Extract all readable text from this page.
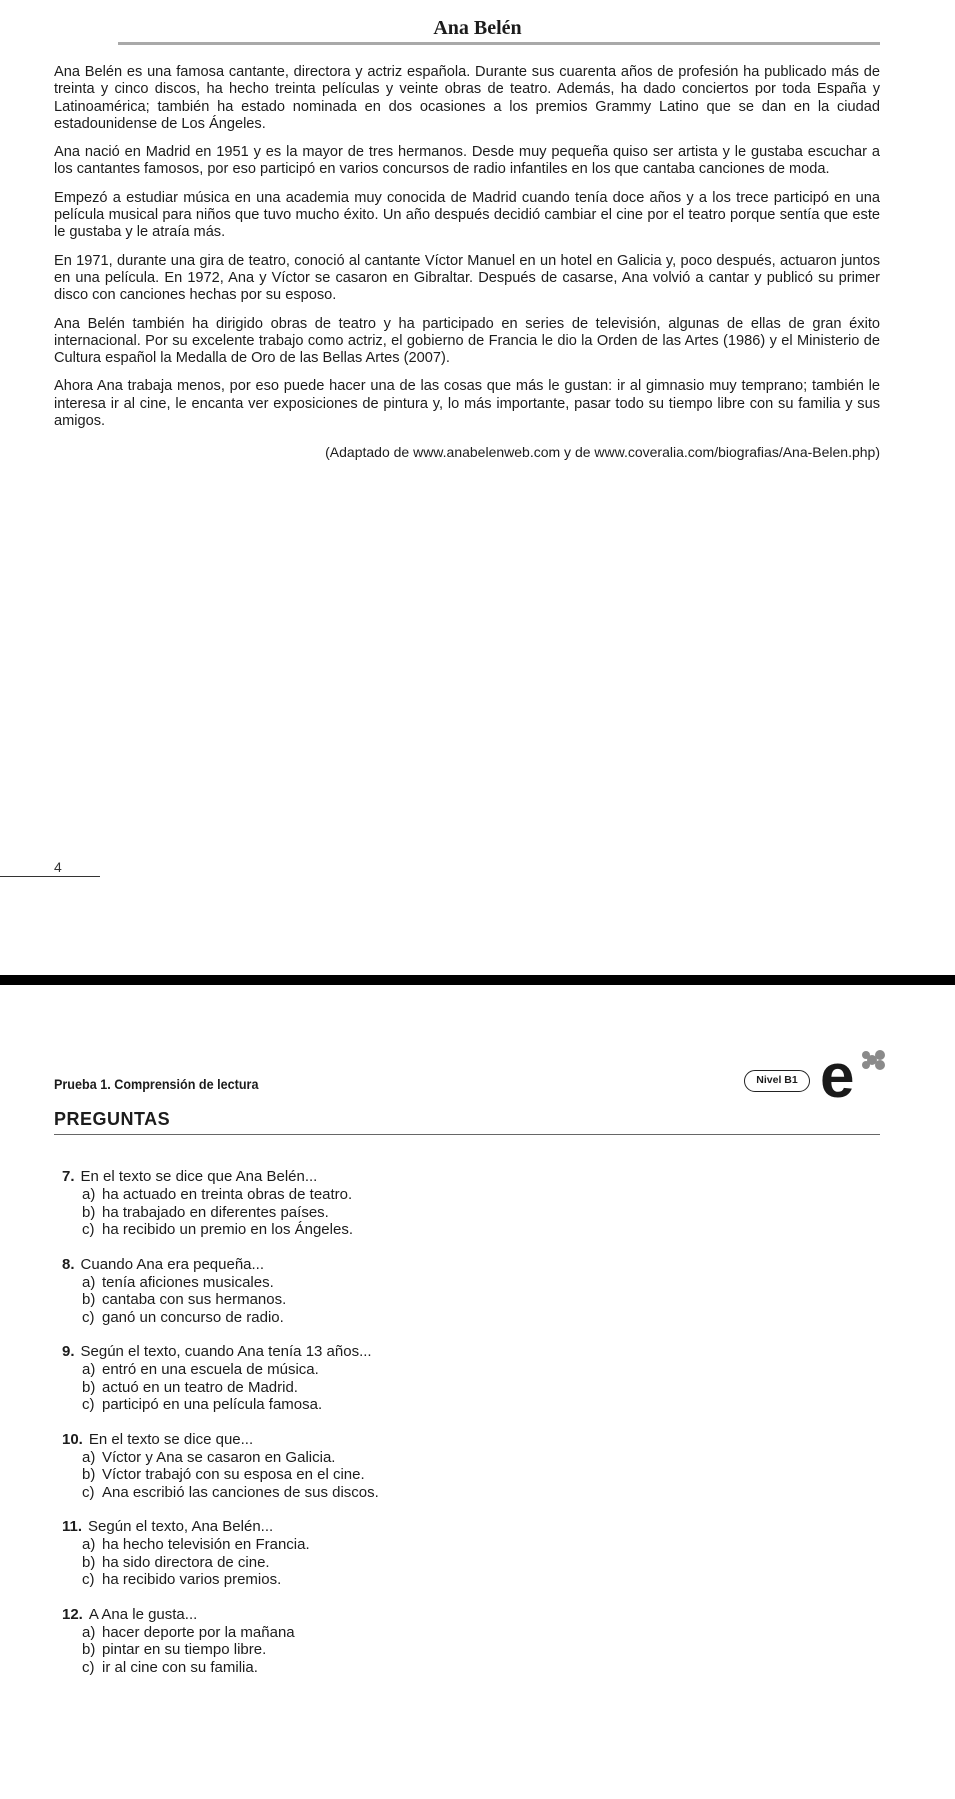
Ana Belén

Ana Belén es una famosa cantante, directora y actriz española. Durante sus cuarenta años de profesión ha publicado más de treinta y cinco discos, ha hecho treinta películas y veinte obras de teatro. Además, ha dado conciertos por toda España y Latinoamérica; también ha estado nominada en dos ocasiones a los premios Grammy Latino que se dan en la ciudad estadounidense de Los Ángeles.

Ana nació en Madrid en 1951 y es la mayor de tres hermanos. Desde muy pequeña quiso ser artista y le gustaba escuchar a los cantantes famosos, por eso participó en varios concursos de radio infantiles en los que cantaba canciones de moda.

Empezó a estudiar música en una academia muy conocida de Madrid cuando tenía doce años y a los trece participó en una película musical para niños que tuvo mucho éxito. Un año después decidió cambiar el cine por el teatro porque sentía que este le gustaba y le atraía más.

En 1971, durante una gira de teatro, conoció al cantante Víctor Manuel en un hotel en Galicia y, poco después, actuaron juntos en una película. En 1972, Ana y Víctor se casaron en Gibraltar. Después de casarse, Ana volvió a cantar y publicó su primer disco con canciones hechas por su esposo.

Ana Belén también ha dirigido obras de teatro y ha participado en series de televisión, algunas de ellas de gran éxito internacional. Por su excelente trabajo como actriz, el gobierno de Francia le dio la Orden de las Artes (1986) y el Ministerio de Cultura español la Medalla de Oro de las Bellas Artes (2007).

Ahora Ana trabaja menos, por eso puede hacer una de las cosas que más le gustan: ir al gimnasio muy temprano; también le interesa ir al cine, le encanta ver exposiciones de pintura y, lo más importante, pasar todo su tiempo libre con su familia y sus amigos.

(Adaptado de www.anabelenweb.com y de www.coveralia.com/biografias/Ana-Belen.php)
4
Prueba 1. Comprensión de lectura	Nivel B1 e
PREGUNTAS
7. En el texto se dice que Ana Belén...
a) ha actuado en treinta obras de teatro.
b) ha trabajado en diferentes países.
c) ha recibido un premio en los Ángeles.
8. Cuando Ana era pequeña...
a) tenía aficiones musicales.
b) cantaba con sus hermanos.
c) ganó un concurso de radio.
9. Según el texto, cuando Ana tenía 13 años...
a) entró en una escuela de música.
b) actuó en un teatro de Madrid.
c) participó en una película famosa.
10. En el texto se dice que...
a) Víctor y Ana se casaron en Galicia.
b) Víctor trabajó con su esposa en el cine.
c) Ana escribió las canciones de sus discos.
11. Según el texto, Ana Belén...
a) ha hecho televisión en Francia.
b) ha sido directora de cine.
c) ha recibido varios premios.
12. A Ana le gusta...
a) hacer deporte por la mañana
b) pintar en su tiempo libre.
c) ir al cine con su familia.
